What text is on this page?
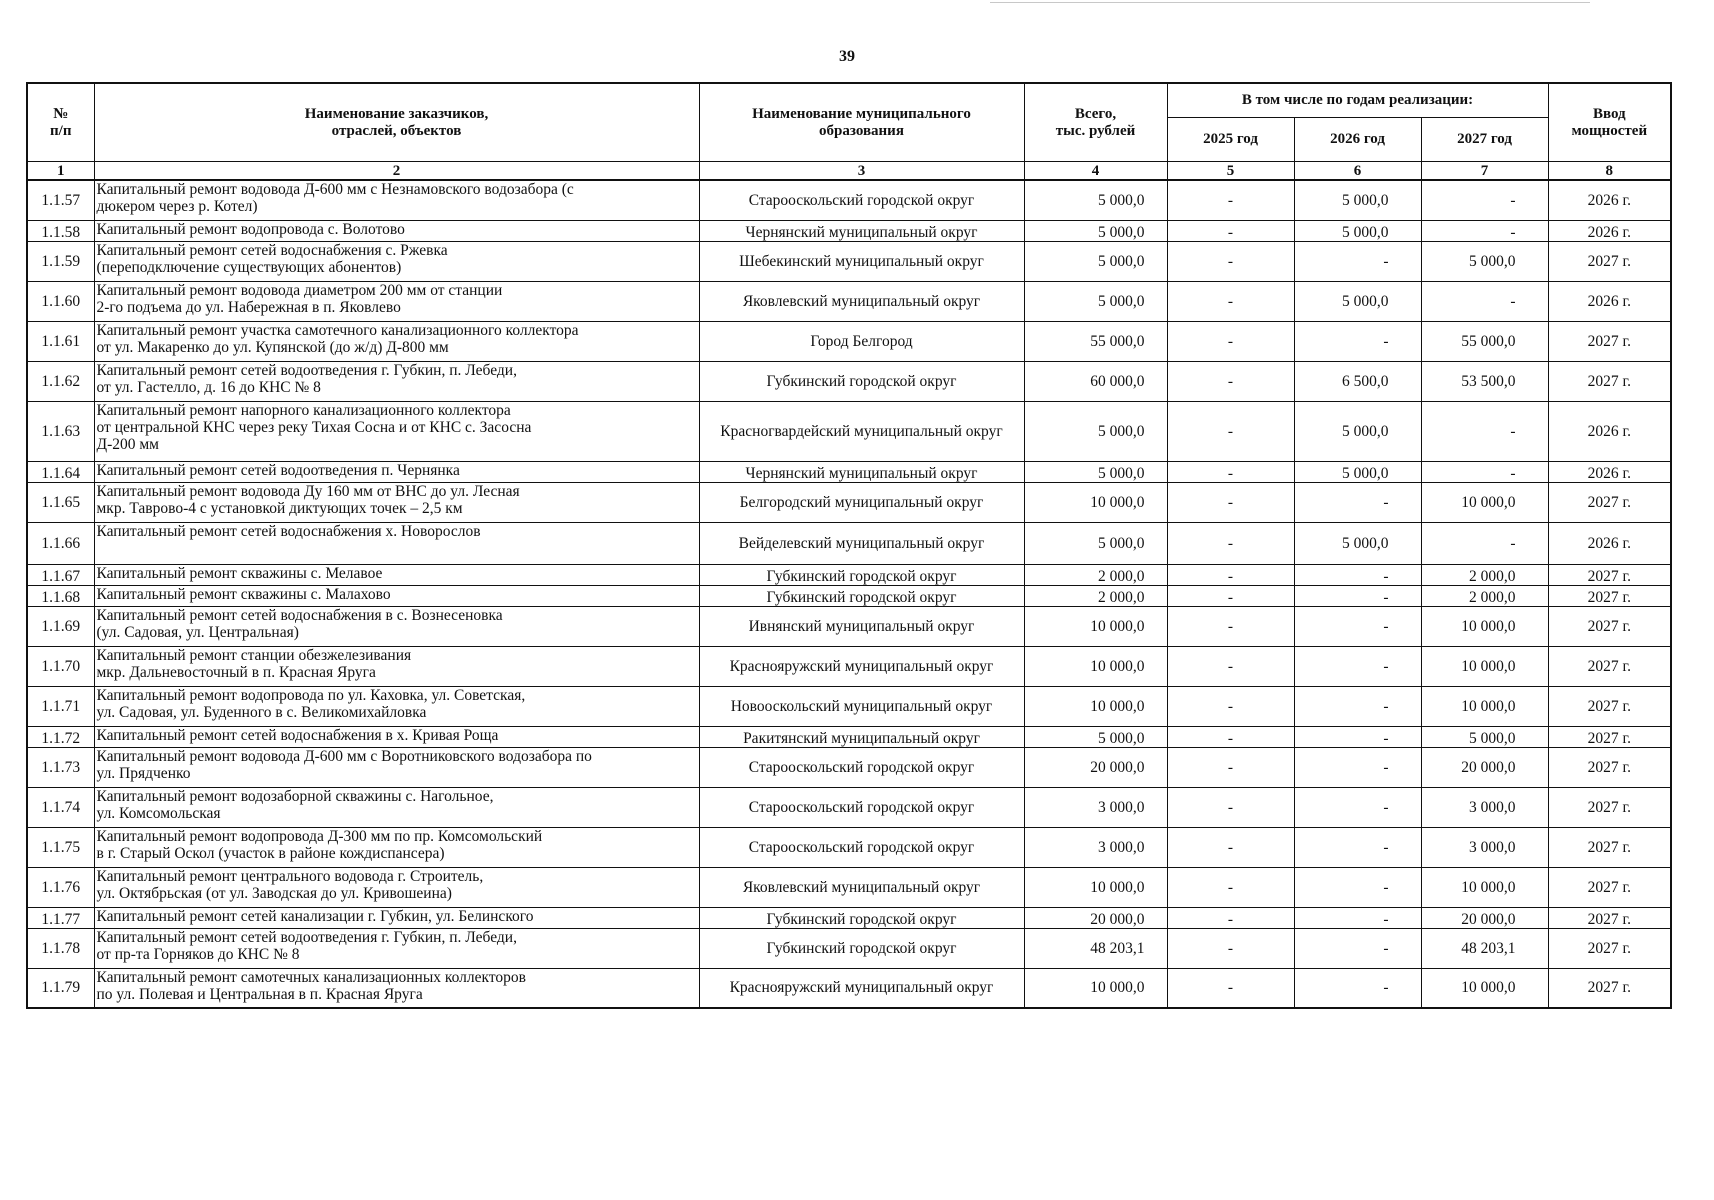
39
№
п/п	Наименование заказчиков,
отраслей, объектов	Наименование муниципального
образования	Всего,
тыс. рублей	В том числе по годам реализации:			Ввод
мощностей
				2025 год	2026 год	2027 год	
1	2	3	4	5	6	7	8
1.1.57	Капитальный ремонт водовода Д-600 мм с Незнамовского водозабора (с
дюкером через р. Котел)	Старооскольский городской округ	5 000,0	-	5 000,0	-	2026 г.
1.1.58	Капитальный ремонт водопровода с. Волотово	Чернянский муниципальный округ	5 000,0	-	5 000,0	-	2026 г.
1.1.59	Капитальный ремонт сетей водоснабжения с. Ржевка
(переподключение существующих абонентов)	Шебекинский муниципальный округ	5 000,0	-	-	5 000,0	2027 г.
1.1.60	Капитальный ремонт водовода диаметром 200 мм от станции
2-го подъема до ул. Набережная в п. Яковлево	Яковлевский муниципальный округ	5 000,0	-	5 000,0	-	2026 г.
1.1.61	Капитальный ремонт участка самотечного канализационного коллектора
от ул. Макаренко до ул. Купянской (до ж/д) Д-800 мм	Город Белгород	55 000,0	-	-	55 000,0	2027 г.
1.1.62	Капитальный ремонт сетей водоотведения г. Губкин, п. Лебеди,
от ул. Гастелло, д. 16 до КНС № 8	Губкинский городской округ	60 000,0	-	6 500,0	53 500,0	2027 г.
1.1.63	Капитальный ремонт напорного канализационного коллектора
от центральной КНС через реку Тихая Сосна и от КНС с. Засосна
Д-200 мм	Красногвардейский муниципальный округ	5 000,0	-	5 000,0	-	2026 г.
1.1.64	Капитальный ремонт сетей водоотведения п. Чернянка	Чернянский муниципальный округ	5 000,0	-	5 000,0	-	2026 г.
1.1.65	Капитальный ремонт водовода Ду 160 мм от ВНС до ул. Лесная
мкр. Таврово-4 с установкой диктующих точек – 2,5 км	Белгородский муниципальный округ	10 000,0	-	-	10 000,0	2027 г.
1.1.66	Капитальный ремонт сетей водоснабжения х. Новорослов	Вейделевский муниципальный округ	5 000,0	-	5 000,0	-	2026 г.
1.1.67	Капитальный ремонт скважины с. Мелавое	Губкинский городской округ	2 000,0	-	-	2 000,0	2027 г.
1.1.68	Капитальный ремонт скважины с. Малахово	Губкинский городской округ	2 000,0	-	-	2 000,0	2027 г.
1.1.69	Капитальный ремонт сетей водоснабжения в с. Вознесеновка
(ул. Садовая, ул. Центральная)	Ивнянский муниципальный округ	10 000,0	-	-	10 000,0	2027 г.
1.1.70	Капитальный ремонт станции обезжелезивания
мкр. Дальневосточный в п. Красная Яруга	Краснояружский муниципальный округ	10 000,0	-	-	10 000,0	2027 г.
1.1.71	Капитальный ремонт водопровода по ул. Каховка, ул. Советская,
ул. Садовая, ул. Буденного в с. Великомихайловка	Новооскольский муниципальный округ	10 000,0	-	-	10 000,0	2027 г.
1.1.72	Капитальный ремонт сетей водоснабжения в х. Кривая Роща	Ракитянский муниципальный округ	5 000,0	-	-	5 000,0	2027 г.
1.1.73	Капитальный ремонт водовода Д-600 мм с Воротниковского водозабора по
ул. Прядченко	Старооскольский городской округ	20 000,0	-	-	20 000,0	2027 г.
1.1.74	Капитальный ремонт водозаборной скважины с. Нагольное,
ул. Комсомольская	Старооскольский городской округ	3 000,0	-	-	3 000,0	2027 г.
1.1.75	Капитальный ремонт водопровода Д-300 мм по пр. Комсомольский
в г. Старый Оскол (участок в районе кождиспансера)	Старооскольский городской округ	3 000,0	-	-	3 000,0	2027 г.
1.1.76	Капитальный ремонт центрального водовода г. Строитель,
ул. Октябрьская (от ул. Заводская до ул. Кривошеина)	Яковлевский муниципальный округ	10 000,0	-	-	10 000,0	2027 г.
1.1.77	Капитальный ремонт сетей канализации г. Губкин, ул. Белинского	Губкинский городской округ	20 000,0	-	-	20 000,0	2027 г.
1.1.78	Капитальный ремонт сетей водоотведения г. Губкин, п. Лебеди,
от пр-та Горняков до КНС № 8	Губкинский городской округ	48 203,1	-	-	48 203,1	2027 г.
1.1.79	Капитальный ремонт самотечных канализационных коллекторов
по ул. Полевая и Центральная в п. Красная Яруга	Краснояружский муниципальный округ	10 000,0	-	-	10 000,0	2027 г.
